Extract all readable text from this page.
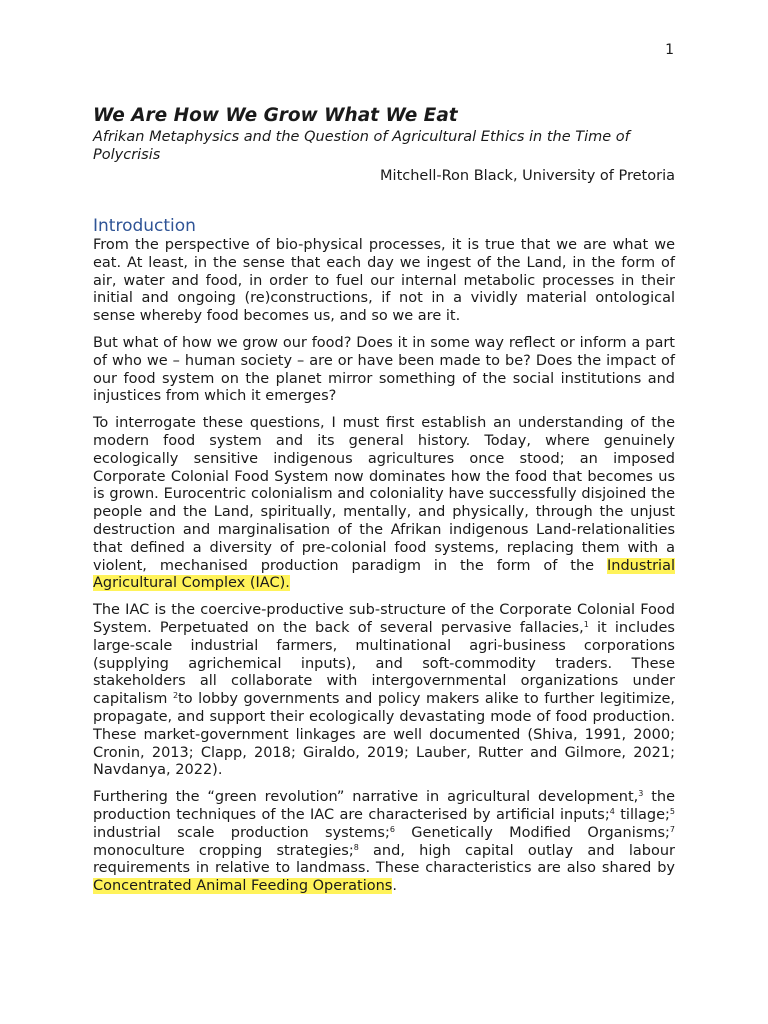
1

We Are How We Grow What We Eat

Afrikan Metaphysics and the Question of Agricultural Ethics in the Time of Polycrisis

Mitchell-Ron Black, University of Pretoria

Introduction

From the perspective of bio-physical processes, it is true that we are what we eat. At least, in the sense that each day we ingest of the Land, in the form of air, water and food, in order to fuel our internal metabolic processes in their initial and ongoing (re)constructions, if not in a vividly material ontological sense whereby food becomes us, and so we are it.

But what of how we grow our food? Does it in some way reflect or inform a part of who we – human society – are or have been made to be? Does the impact of our food system on the planet mirror something of the social institutions and injustices from which it emerges?

To interrogate these questions, I must first establish an understanding of the modern food system and its general history. Today, where genuinely ecologically sensitive indigenous agricultures once stood; an imposed Corporate Colonial Food System now dominates how the food that becomes us is grown. Eurocentric colonialism and coloniality have successfully disjoined the people and the Land, spiritually, mentally, and physically, through the unjust destruction and marginalisation of the Afrikan indigenous Land-relationalities that defined a diversity of pre-colonial food systems, replacing them with a violent, mechanised production paradigm in the form of the Industrial Agricultural Complex (IAC).

The IAC is the coercive-productive sub-structure of the Corporate Colonial Food System. Perpetuated on the back of several pervasive fallacies,$^1$ it includes large-scale industrial farmers, multinational agri-business corporations (supplying agrichemical inputs), and soft-commodity traders. These stakeholders all collaborate with intergovernmental organizations under capitalism $^2$to lobby governments and policy makers alike to further legitimize, propagate, and support their ecologically devastating mode of food production. These market-government linkages are well documented (Shiva, 1991, 2000; Cronin, 2013; Clapp, 2018; Giraldo, 2019; Lauber, Rutter and Gilmore, 2021; Navdanya, 2022).

Furthering the “green revolution” narrative in agricultural development,$^3$ the production techniques of the IAC are characterised by artificial inputs;$^4$ tillage;$^5$ industrial scale production systems;$^6$ Genetically Modified Organisms;$^7$ monoculture cropping strategies;$^8$ and, high capital outlay and labour requirements in relative to landmass. These characteristics are also shared by Concentrated Animal Feeding Operations.
